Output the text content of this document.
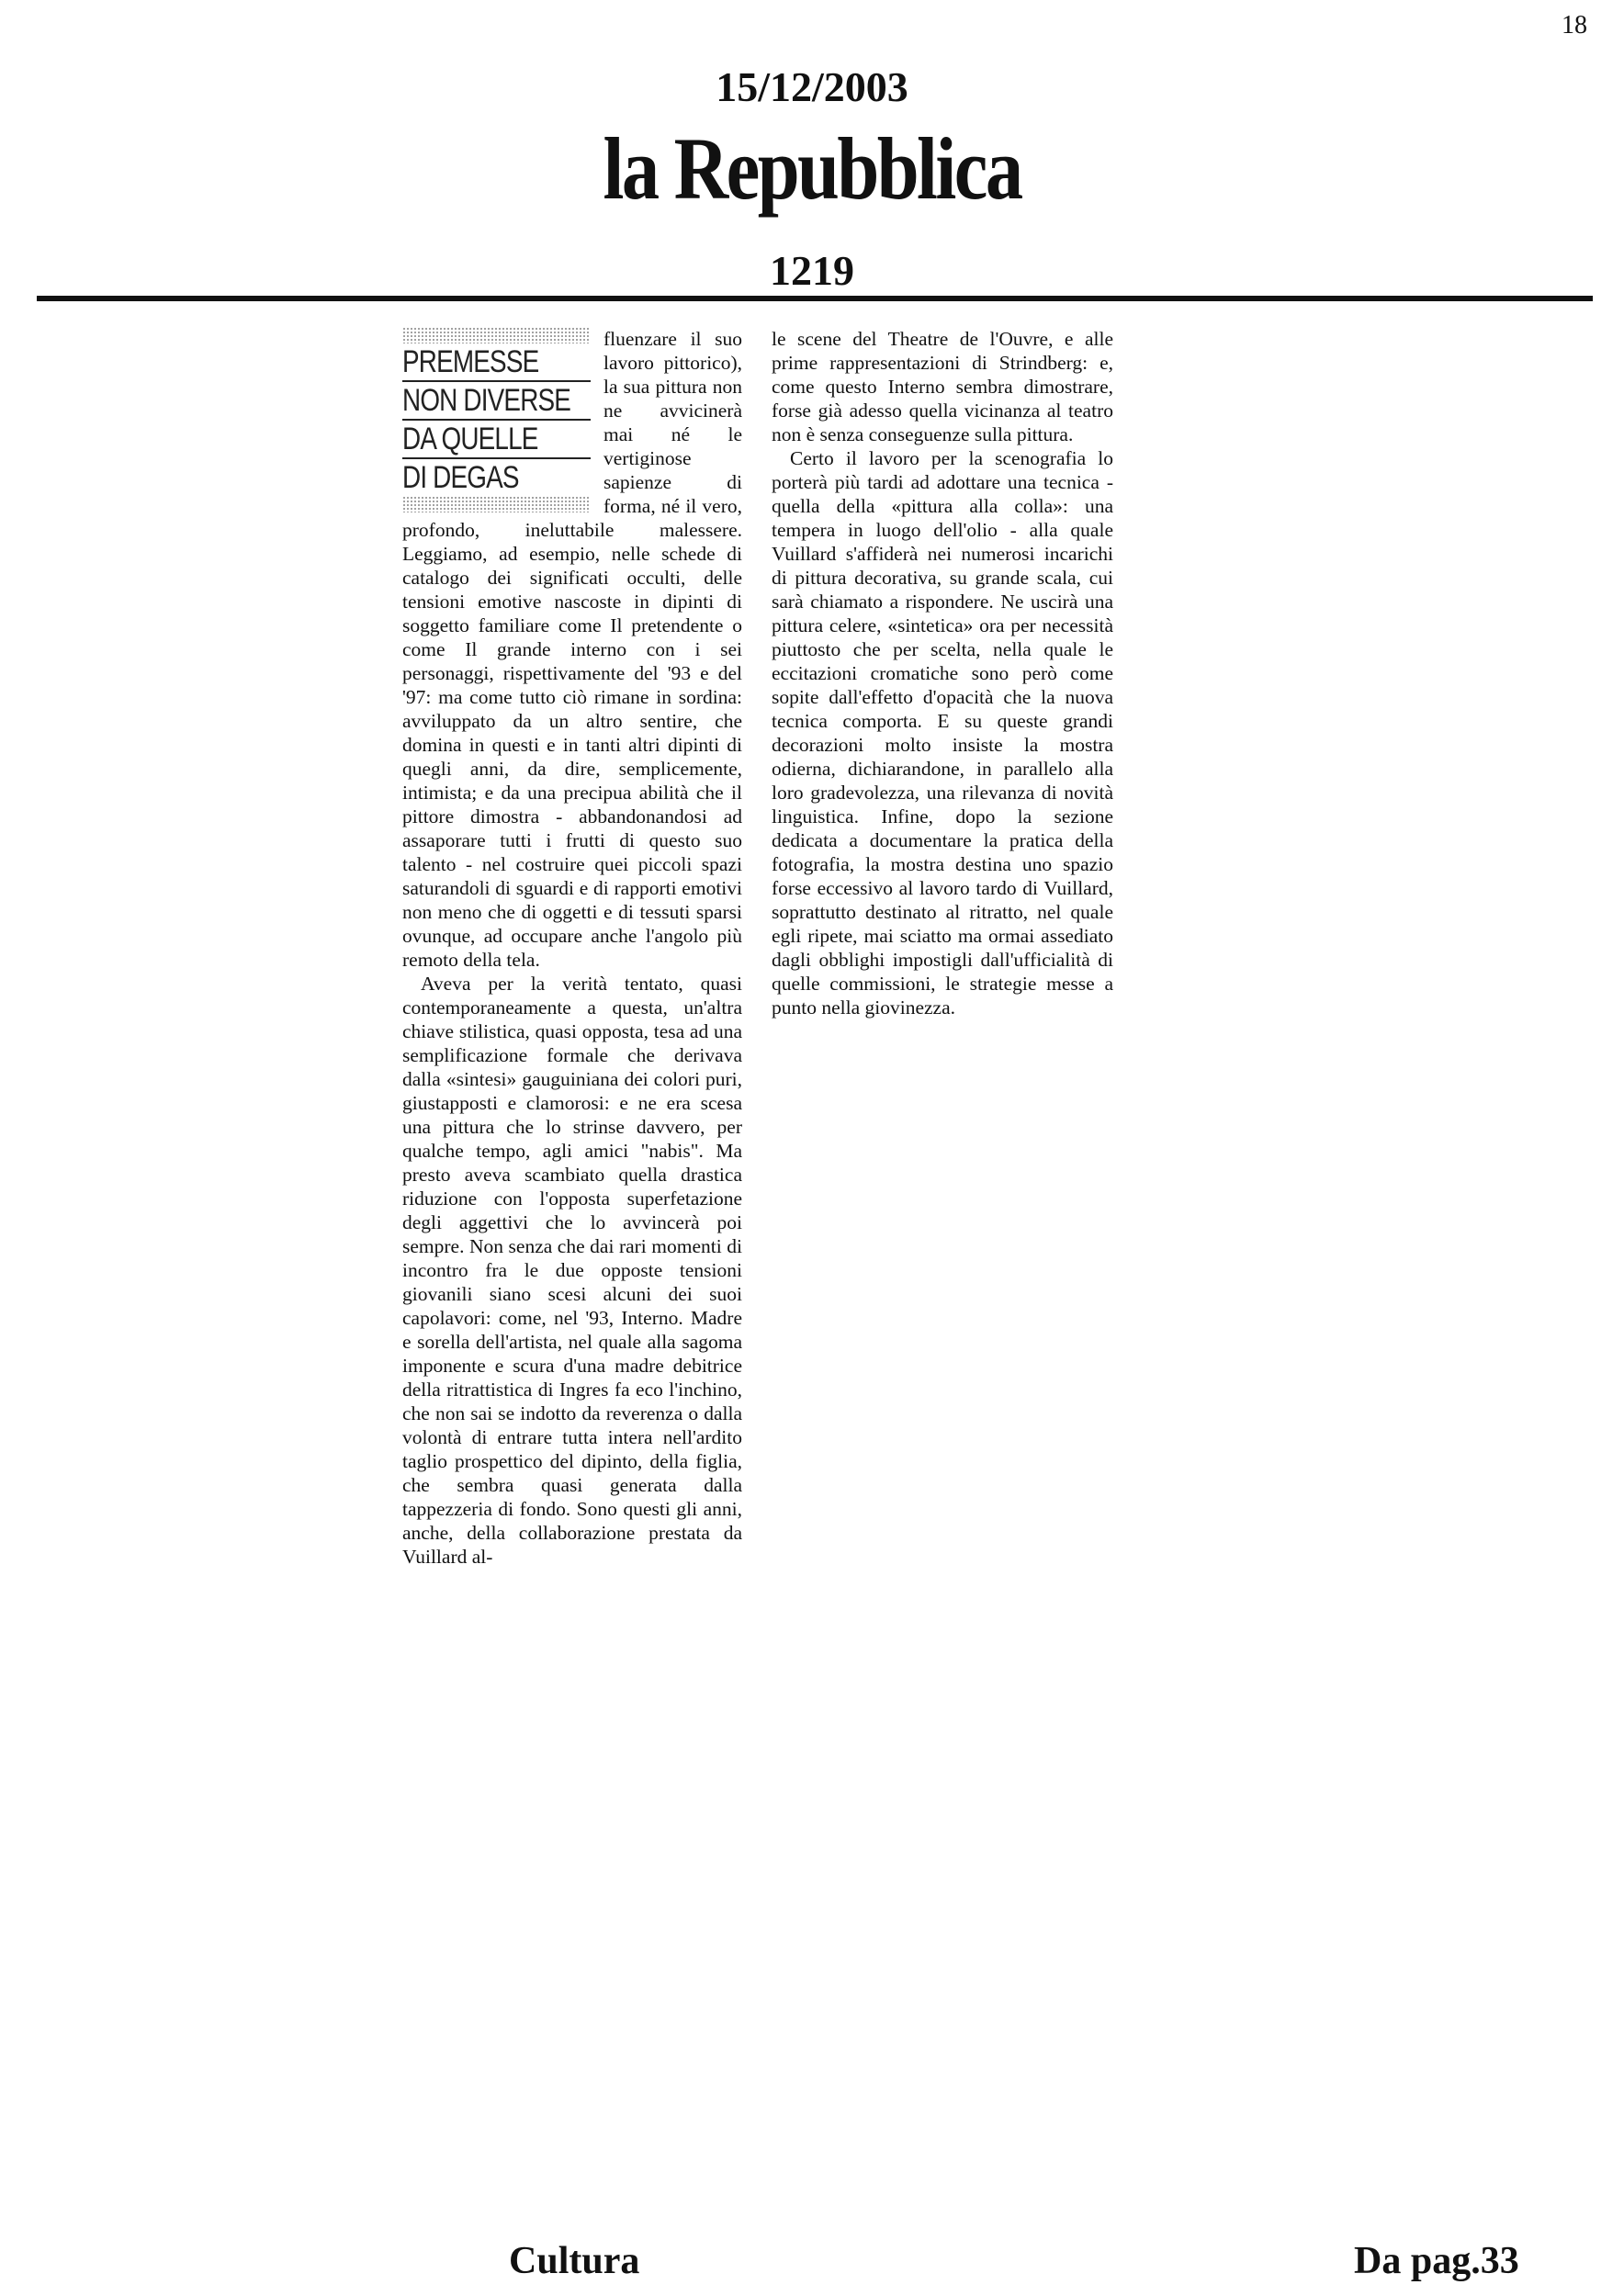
18
15/12/2003
la Repubblica
1219
PREMESSE
NON DIVERSE
DA QUELLE
DI DEGAS

fluenzare il suo lavoro pittorico), la sua pittura non ne avvicinerà mai né le vertiginose sapienze di forma, né il vero, profondo, ineluttabile malessere. Leggiamo, ad esempio, nelle schede di catalogo dei significati occulti, delle tensioni emotive nascoste in dipinti di soggetto familiare come Il pretendente o come Il grande interno con i sei personaggi, rispettivamente del '93 e del '97: ma come tutto ciò rimane in sordina: avviluppato da un altro sentire, che domina in questi e in tanti altri dipinti di quegli anni, da dire, semplicemente, intimista; e da una precipua abilità che il pittore dimostra - abbandonandosi ad assaporare tutti i frutti di questo suo talento - nel costruire quei piccoli spazi saturandoli di sguardi e di rapporti emotivi non meno che di oggetti e di tessuti sparsi ovunque, ad occupare anche l'angolo più remoto della tela.

Aveva per la verità tentato, quasi contemporaneamente a questa, un'altra chiave stilistica, quasi opposta, tesa ad una semplificazione formale che derivava dalla «sintesi» gauguiniana dei colori puri, giustapposti e clamorosi: e ne era scesa una pittura che lo strinse davvero, per qualche tempo, agli amici "nabis". Ma presto aveva scambiato quella drastica riduzione con l'opposta superfetazione degli aggettivi che lo avvincerà poi sempre. Non senza che dai rari momenti di incontro fra le due opposte tensioni giovanili siano scesi alcuni dei suoi capolavori: come, nel '93, Interno. Madre e sorella dell'artista, nel quale alla sagoma imponente e scura d'una madre debitrice della ritrattistica di Ingres fa eco l'inchino, che non sai se indotto da reverenza o dalla volontà di entrare tutta intera nell'ardito taglio prospettico del dipinto, della figlia, che sembra quasi generata dalla tappezzeria di fondo. Sono questi gli anni, anche, della collaborazione prestata da Vuillard al-

le scene del Theatre de l'Ouvre, e alle prime rappresentazioni di Strindberg: e, come questo Interno sembra dimostrare, forse già adesso quella vicinanza al teatro non è senza conseguenze sulla pittura.

Certo il lavoro per la scenografia lo porterà più tardi ad adottare una tecnica - quella della «pittura alla colla»: una tempera in luogo dell'olio - alla quale Vuillard s'affiderà nei numerosi incarichi di pittura decorativa, su grande scala, cui sarà chiamato a rispondere. Ne uscirà una pittura celere, «sintetica» ora per necessità piuttosto che per scelta, nella quale le eccitazioni cromatiche sono però come sopite dall'effetto d'opacità che la nuova tecnica comporta. E su queste grandi decorazioni molto insiste la mostra odierna, dichiarandone, in parallelo alla loro gradevolezza, una rilevanza di novità linguistica. Infine, dopo la sezione dedicata a documentare la pratica della fotografia, la mostra destina uno spazio forse eccessivo al lavoro tardo di Vuillard, soprattutto destinato al ritratto, nel quale egli ripete, mai sciatto ma ormai assediato dagli obblighi impostigli dall'ufficialità di quelle commissioni, le strategie messe a punto nella giovinezza.

Cultura	Da pag.33
